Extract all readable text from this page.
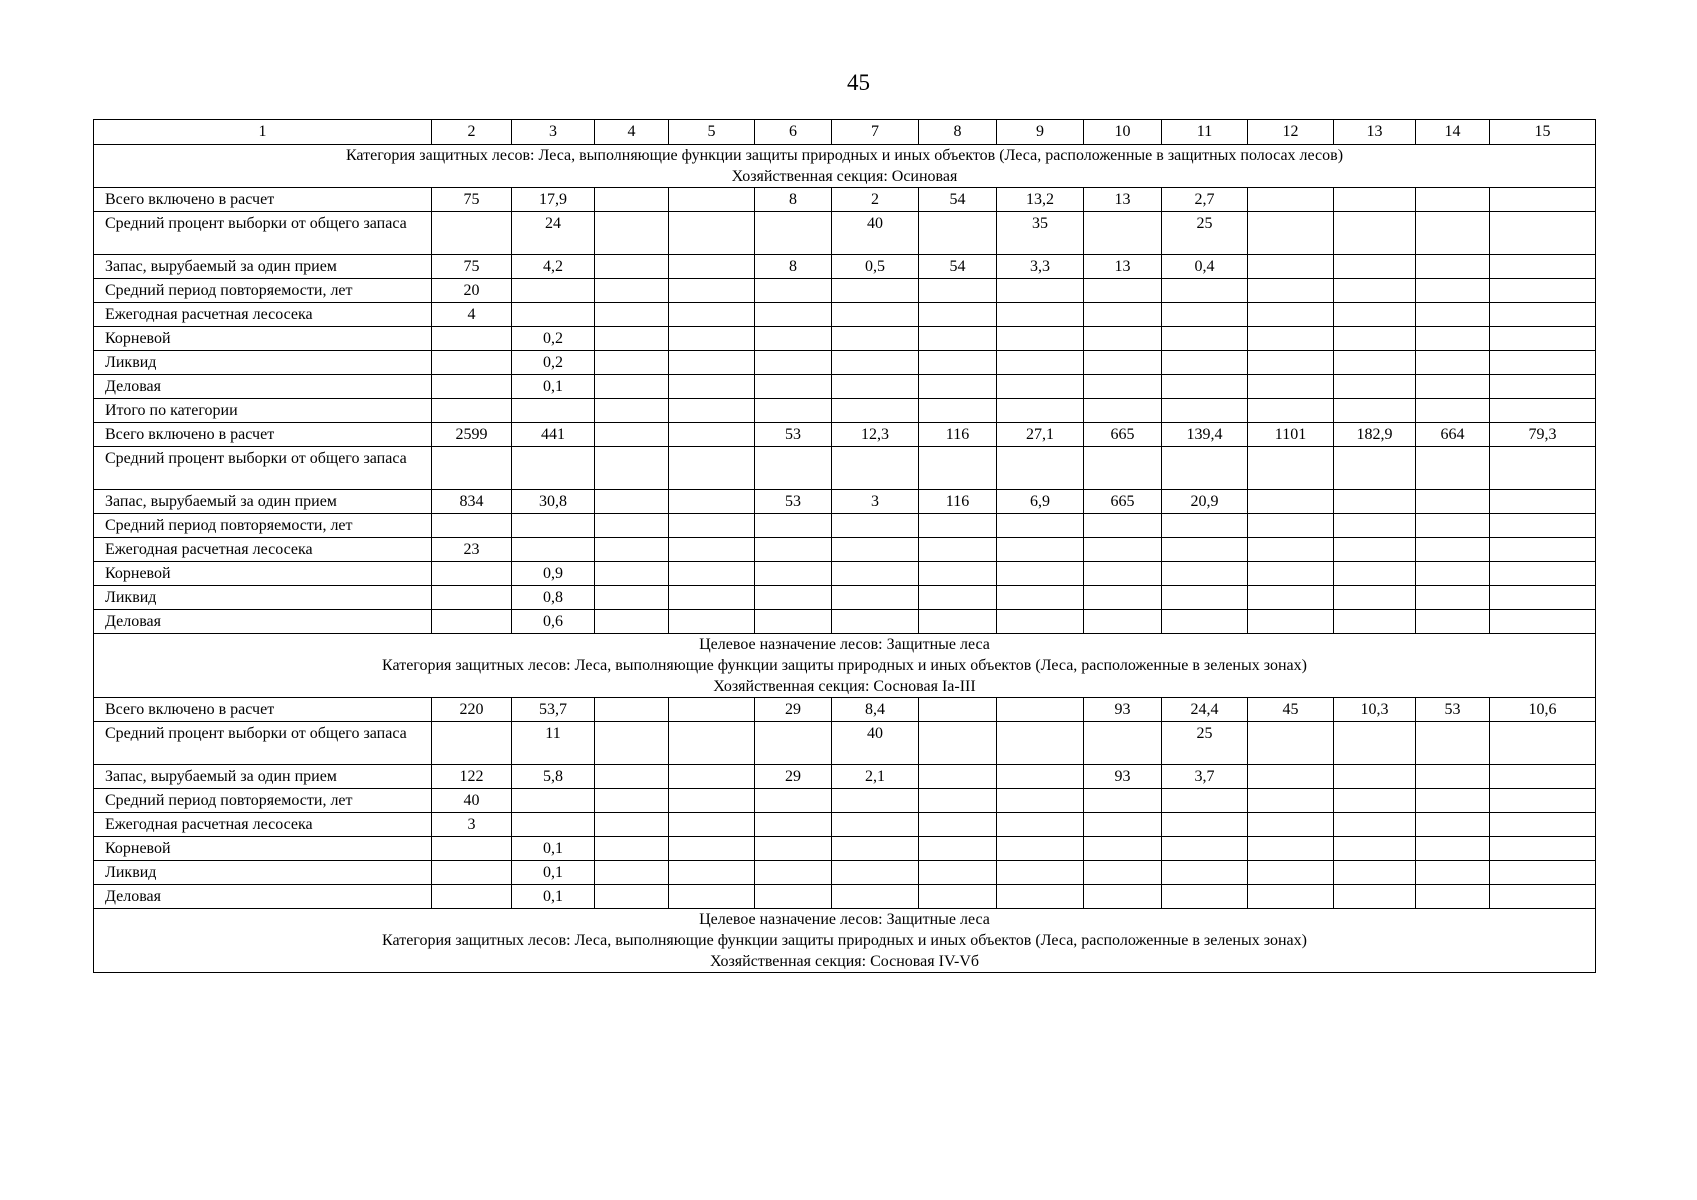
45
1	2	3	4	5	6	7	8	9	10	11	12	13	14	15

Категория защитных лесов: Леса, выполняющие функции защиты природных и иных объектов (Леса, расположенные в защитных полосах лесов)
Хозяйственная секция: Осиновая														

Всего включено в расчет	75	17,9			8	2	54	13,2	13	2,7				
Средний процент выборки от общего запаса		24				40		35		25				
Запас, вырубаемый за один прием	75	4,2			8	0,5	54	3,3	13	0,4				
Средний период повторяемости, лет	20													
Ежегодная расчетная лесосека	4													
Корневой		0,2												
Ликвид		0,2												
Деловая		0,1												
Итого по категории														
Всего включено в расчет	2599	441			53	12,3	116	27,1	665	139,4	1101	182,9	664	79,3
Средний процент выборки от общего запаса														
Запас, вырубаемый за один прием	834	30,8			53	3	116	6,9	665	20,9				
Средний период повторяемости, лет														
Ежегодная расчетная лесосека	23													
Корневой		0,9												
Ликвид		0,8												
Деловая		0,6												

Целевое назначение лесов: Защитные леса
Категория защитных лесов: Леса, выполняющие функции защиты природных и иных объектов (Леса, расположенные в зеленых зонах)
Хозяйственная секция: Сосновая Iа-III														

Всего включено в расчет	220	53,7			29	8,4			93	24,4	45	10,3	53	10,6
Средний процент выборки от общего запаса		11				40				25				
Запас, вырубаемый за один прием	122	5,8			29	2,1			93	3,7				
Средний период повторяемости, лет	40													
Ежегодная расчетная лесосека	3													
Корневой		0,1												
Ликвид		0,1												
Деловая		0,1												

Целевое назначение лесов: Защитные леса
Категория защитных лесов: Леса, выполняющие функции защиты природных и иных объектов (Леса, расположенные в зеленых зонах)
Хозяйственная секция: Сосновая IV-Vб														
